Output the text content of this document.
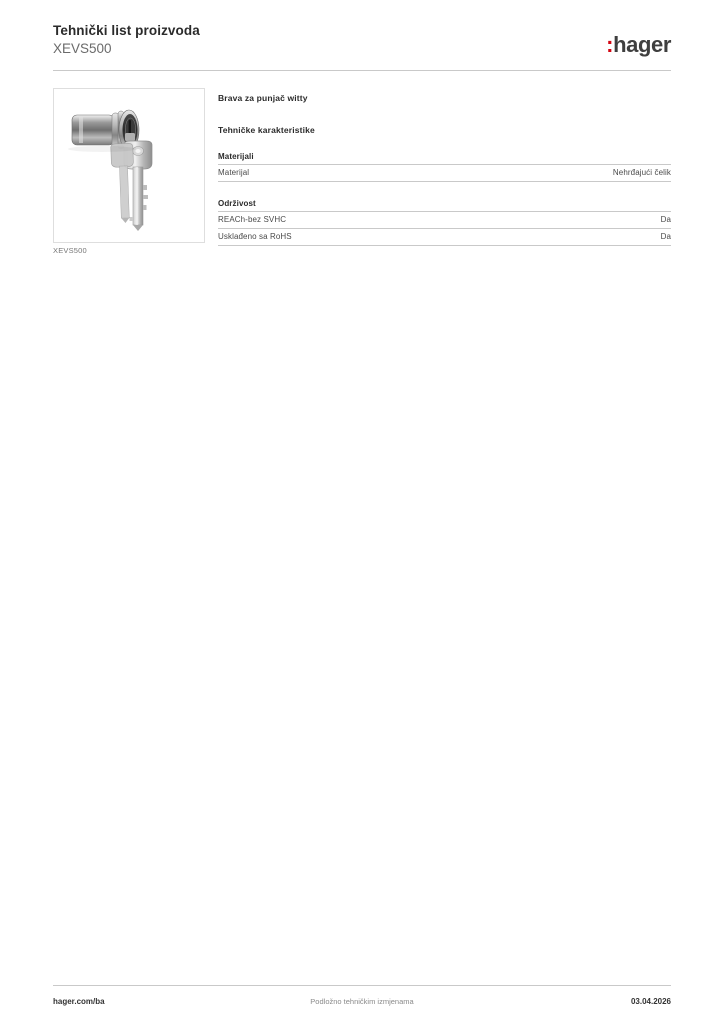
Tehnički list proizvoda
XEVS500	:hager
XEVS500
Brava za punjač witty
Tehničke karakteristike
Materijali
Materijal	Nehrđajući čelik
Održivost
REACh-bez SVHC	Da
Usklađeno sa RoHS	Da
hager.com/ba	Podložno tehničkim izmjenama	03.04.2026
